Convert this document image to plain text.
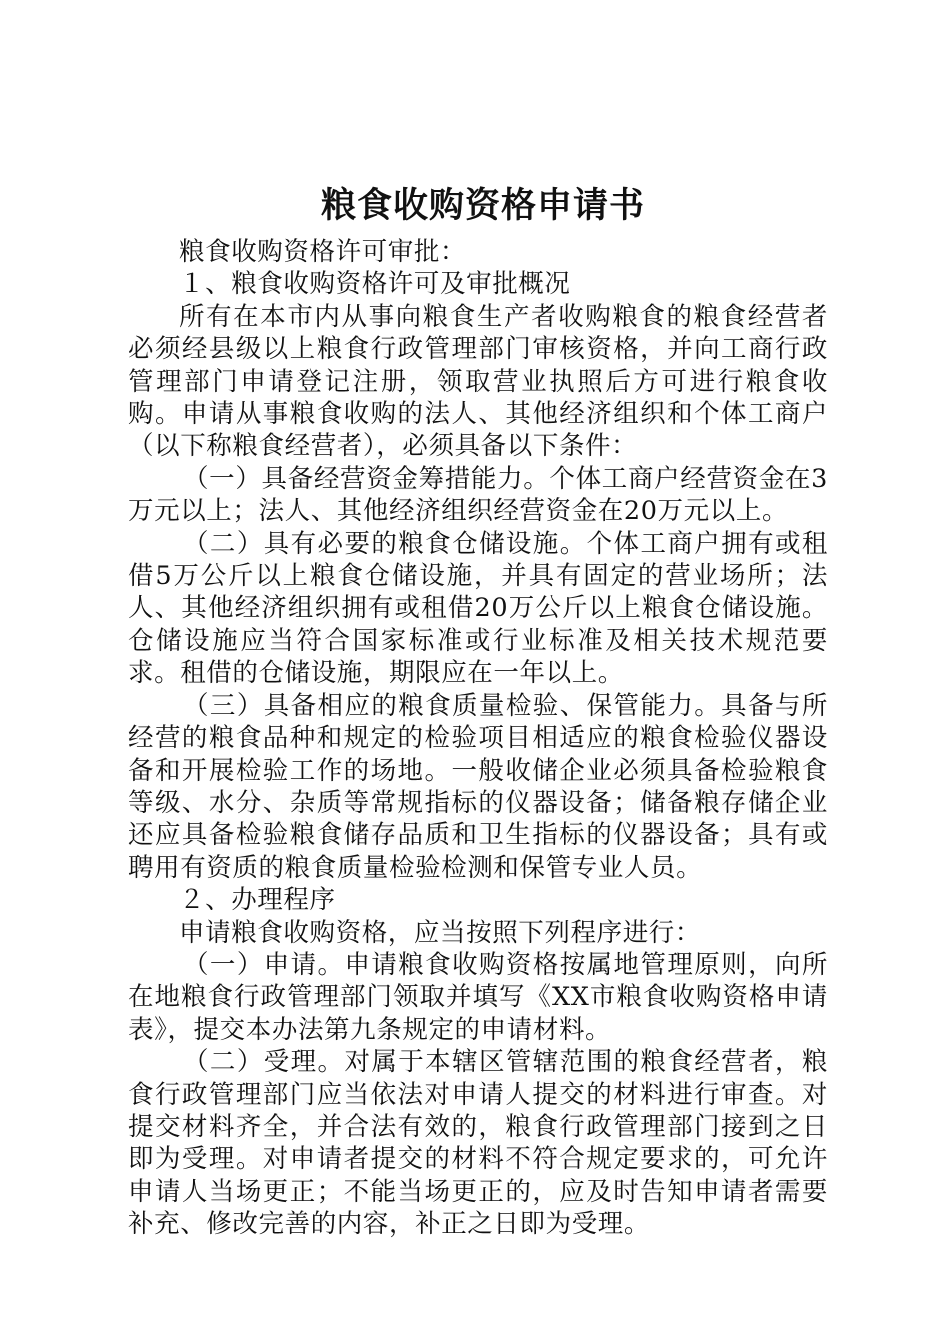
粮食收购资格申请书

粮食收购资格许可审批：

１、粮食收购资格许可及审批概况

所有在本市内从事向粮食生产者收购粮食的粮食经营者必须经县级以上粮食行政管理部门审核资格，并向工商行政管理部门申请登记注册，领取营业执照后方可进行粮食收购。申请从事粮食收购的法人、其他经济组织和个体工商户（以下称粮食经营者），必须具备以下条件：

（一）具备经营资金筹措能力。个体工商户经营资金在3万元以上；法人、其他经济组织经营资金在20万元以上。

（二）具有必要的粮食仓储设施。个体工商户拥有或租借5万公斤以上粮食仓储设施，并具有固定的营业场所；法人、其他经济组织拥有或租借20万公斤以上粮食仓储设施。仓储设施应当符合国家标准或行业标准及相关技术规范要求。租借的仓储设施，期限应在一年以上。

（三）具备相应的粮食质量检验、保管能力。具备与所经营的粮食品种和规定的检验项目相适应的粮食检验仪器设备和开展检验工作的场地。一般收储企业必须具备检验粮食等级、水分、杂质等常规指标的仪器设备；储备粮存储企业还应具备检验粮食储存品质和卫生指标的仪器设备；具有或聘用有资质的粮食质量检验检测和保管专业人员。

２、办理程序

申请粮食收购资格，应当按照下列程序进行：

（一）申请。申请粮食收购资格按属地管理原则，向所在地粮食行政管理部门领取并填写《XX市粮食收购资格申请表》，提交本办法第九条规定的申请材料。

（二）受理。对属于本辖区管辖范围的粮食经营者，粮食行政管理部门应当依法对申请人提交的材料进行审查。对提交材料齐全，并合法有效的，粮食行政管理部门接到之日即为受理。对申请者提交的材料不符合规定要求的，可允许申请人当场更正；不能当场更正的，应及时告知申请者需要补充、修改完善的内容，补正之日即为受理。
